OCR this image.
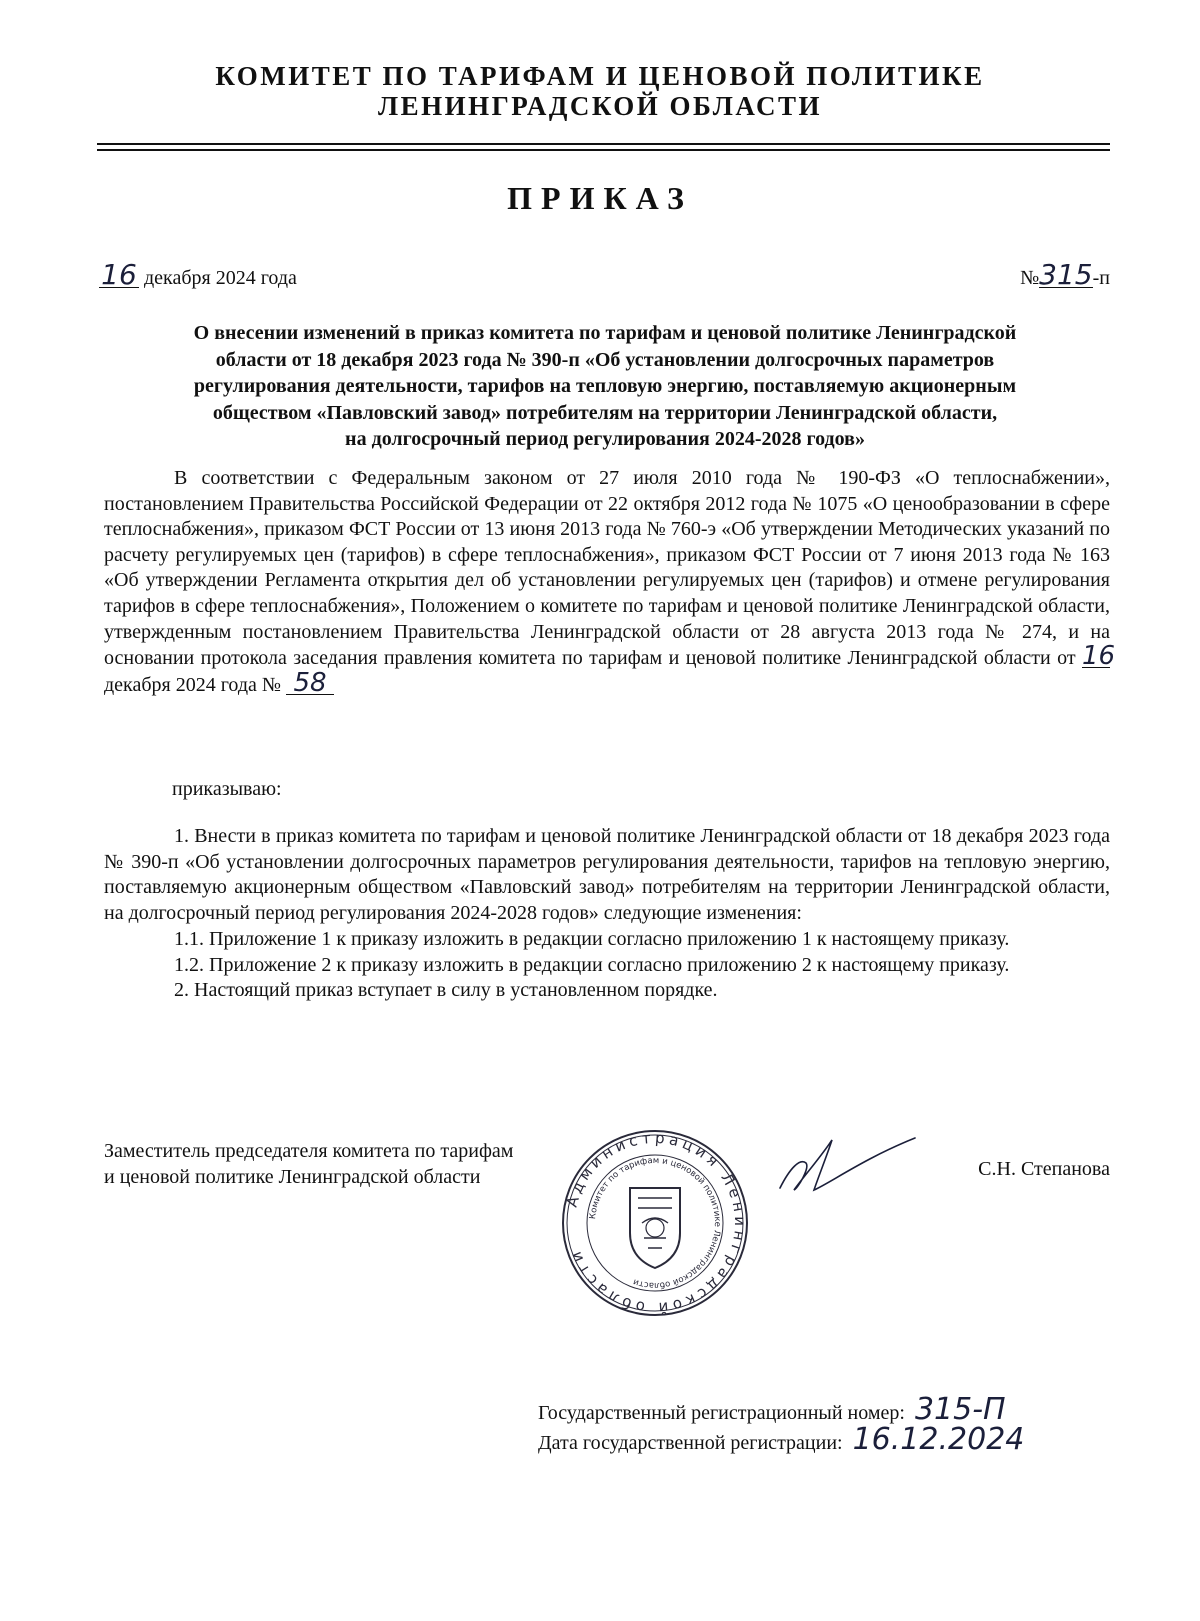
КОМИТЕТ ПО ТАРИФАМ И ЦЕНОВОЙ ПОЛИТИКЕ
ЛЕНИНГРАДСКОЙ ОБЛАСТИ
ПРИКАЗ
16 декабря 2024 года	№315-п
О внесении изменений в приказ комитета по тарифам и ценовой политике Ленинградской
области от 18 декабря 2023 года № 390-п «Об установлении долгосрочных параметров
регулирования деятельности, тарифов на тепловую энергию, поставляемую акционерным
обществом «Павловский завод» потребителям на территории Ленинградской области,
на долгосрочный период регулирования 2024-2028 годов»
В соответствии с Федеральным законом от 27 июля 2010 года № 190-ФЗ «О теплоснабжении», постановлением Правительства Российской Федерации от 22 октября 2012 года № 1075 «О ценообразовании в сфере теплоснабжения», приказом ФСТ России от 13 июня 2013 года № 760-э «Об утверждении Методических указаний по расчету регулируемых цен (тарифов) в сфере теплоснабжения», приказом ФСТ России от 7 июня 2013 года № 163 «Об утверждении Регламента открытия дел об установлении регулируемых цен (тарифов) и отмене регулирования тарифов в сфере теплоснабжения», Положением о комитете по тарифам и ценовой политике Ленинградской области, утвержденным постановлением Правительства Ленинградской области от 28 августа 2013 года № 274, и на основании протокола заседания правления комитета по тарифам и ценовой политике Ленинградской области от 16 декабря 2024 года № 58
приказываю:

1. Внести в приказ комитета по тарифам и ценовой политике Ленинградской области от 18 декабря 2023 года № 390-п «Об установлении долгосрочных параметров регулирования деятельности, тарифов на тепловую энергию, поставляемую акционерным обществом «Павловский завод» потребителям на территории Ленинградской области, на долгосрочный период регулирования 2024-2028 годов» следующие изменения:

1.1. Приложение 1 к приказу изложить в редакции согласно приложению 1 к настоящему приказу.

1.2. Приложение 2 к приказу изложить в редакции согласно приложению 2 к настоящему приказу.

2. Настоящий приказ вступает в силу в установленном порядке.

Заместитель председателя комитета по тарифам
и ценовой политике Ленинградской области
Администрация Ленинградской области
Комитет по тарифам и ценовой политике Ленинградской области
С.Н. Степанова
Государственный регистрационный номер: 315-П
Дата государственной регистрации: 16.12.2024
